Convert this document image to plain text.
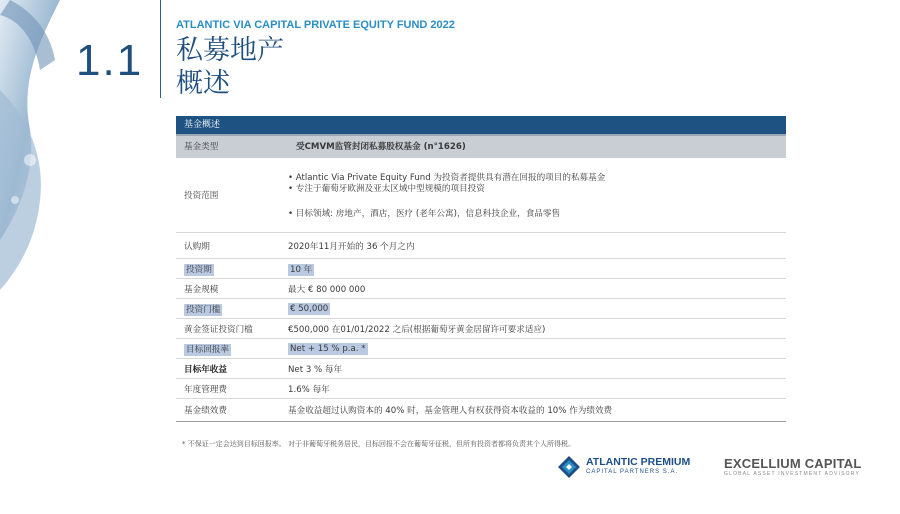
1.1
ATLANTIC VIA CAPITAL PRIVATE EQUITY FUND 2022
私募地产
概述
基金概述
基金类型	受CMVM监管封闭私募股权基金 (n°1626)
投资范围
• Atlantic Via Private Equity Fund 为投资者提供具有潜在回报的项目的私募基金
• 专注于葡萄牙欧洲及亚太区域中型规模的项目投资
• 目标领域: 房地产，酒店，医疗 (老年公寓)，信息科技企业，食品零售
认购期	2020年11月开始的 36 个月之内
投资期	10 年
基金规模	最大 € 80 000 000
投资门槛	€ 50,000
黄金签证投资门槛	€500,000 在01/01/2022 之后(根据葡萄牙黄金居留许可要求适应)
目标回报率	Net + 15 % p.a. *
目标年收益	Net 3 % 每年
年度管理费	1.6% 每年
基金绩效费	基金收益超过认购资本的 40% 时，基金管理人有权获得资本收益的 10% 作为绩效费
* 不保证一定会达到目标回报率。 对于非葡萄牙税务居民，目标回报不会在葡萄牙征税，但所有投资者都将负责其个人所得税。
ATLANTIC PREMIUM
CAPITAL PARTNERS S.A.
EXCELLIUM CAPITAL
GLOBAL ASSET INVESTMENT ADVISORY
